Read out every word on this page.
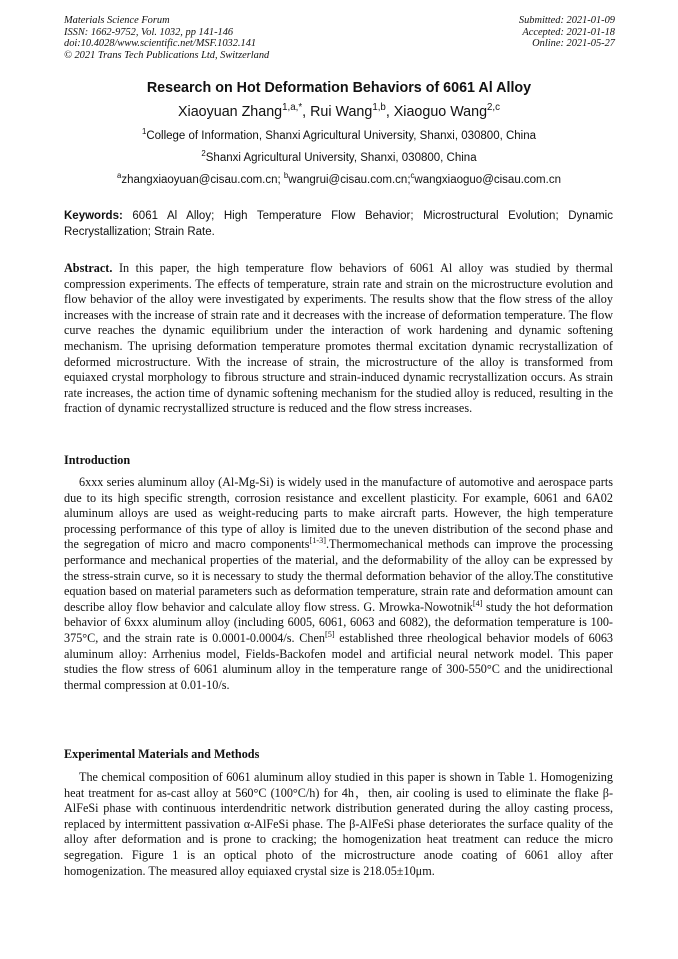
Materials Science Forum
ISSN: 1662-9752, Vol. 1032, pp 141-146
doi:10.4028/www.scientific.net/MSF.1032.141
© 2021 Trans Tech Publications Ltd, Switzerland
Submitted: 2021-01-09
Accepted: 2021-01-18
Online: 2021-05-27
Research on Hot Deformation Behaviors of 6061 Al Alloy
Xiaoyuan Zhang$^{1,a,*}$, Rui Wang$^{1,b}$, Xiaoguo Wang$^{2,c}$
$^1$College of Information, Shanxi Agricultural University, Shanxi, 030800, China
$^2$Shanxi Agricultural University, Shanxi, 030800, China
$^a$zhangxiaoyuan@cisau.com.cn; $^b$wangrui@cisau.com.cn;$^c$wangxiaoguo@cisau.com.cn
Keywords: 6061 Al Alloy; High Temperature Flow Behavior; Microstructural Evolution; Dynamic Recrystallization; Strain Rate.
Abstract. In this paper, the high temperature flow behaviors of 6061 Al alloy was studied by thermal compression experiments. The effects of temperature, strain rate and strain on the microstructure evolution and flow behavior of the alloy were investigated by experiments. The results show that the flow stress of the alloy increases with the increase of strain rate and it decreases with the increase of deformation temperature. The flow curve reaches the dynamic equilibrium under the interaction of work hardening and dynamic softening mechanism. The uprising deformation temperature promotes thermal excitation dynamic recrystallization of deformed microstructure. With the increase of strain, the microstructure of the alloy is transformed from equiaxed crystal morphology to fibrous structure and strain-induced dynamic recrystallization occurs. As strain rate increases, the action time of dynamic softening mechanism for the studied alloy is reduced, resulting in the fraction of dynamic recrystallized structure is reduced and the flow stress increases.
Introduction
6xxx series aluminum alloy (Al-Mg-Si) is widely used in the manufacture of automotive and aerospace parts due to its high specific strength, corrosion resistance and excellent plasticity. For example, 6061 and 6A02 aluminum alloys are used as weight-reducing parts to make aircraft parts. However, the high temperature processing performance of this type of alloy is limited due to the uneven distribution of the second phase and the segregation of micro and macro components[1-3].Thermomechanical methods can improve the processing performance and mechanical properties of the material, and the deformability of the alloy can be expressed by the stress-strain curve, so it is necessary to study the thermal deformation behavior of the alloy.The constitutive equation based on material parameters such as deformation temperature, strain rate and deformation amount can describe alloy flow behavior and calculate alloy flow stress. G. Mrowka-Nowotnik[4] study the hot deformation behavior of 6xxx aluminum alloy (including 6005, 6061, 6063 and 6082), the deformation temperature is 100-375°C, and the strain rate is 0.0001-0.0004/s. Chen[5] established three rheological behavior models of 6063 aluminum alloy: Arrhenius model, Fields-Backofen model and artificial neural network model. This paper studies the flow stress of 6061 aluminum alloy in the temperature range of 300-550°C and the unidirectional thermal compression at 0.01-10/s.
Experimental Materials and Methods
The chemical composition of 6061 aluminum alloy studied in this paper is shown in Table 1. Homogenizing heat treatment for as-cast alloy at 560°C (100°C/h) for 4h，then, air cooling is used to eliminate the flake β-AlFeSi phase with continuous interdendritic network distribution generated during the alloy casting process, replaced by intermittent passivation α-AlFeSi phase. The β-AlFeSi phase deteriorates the surface quality of the alloy after deformation and is prone to cracking; the homogenization heat treatment can reduce the micro segregation. Figure 1 is an optical photo of the microstructure anode coating of 6061 alloy after homogenization. The measured alloy equiaxed crystal size is 218.05±10μm.
